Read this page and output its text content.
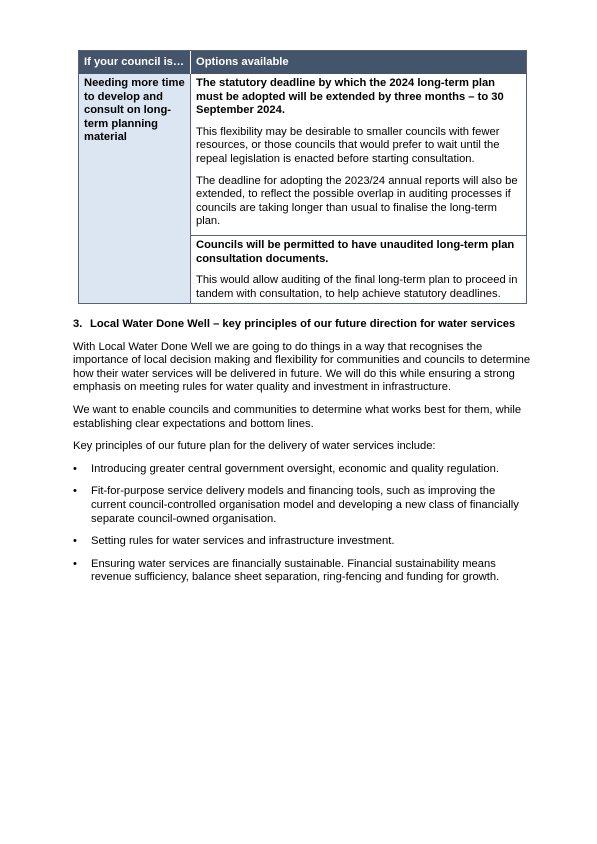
If your council is…	Options available
Needing more time to develop and consult on long-term planning material	The statutory deadline by which the 2024 long-term plan must be adopted will be extended by three months – to 30 September 2024.

This flexibility may be desirable to smaller councils with fewer resources, or those councils that would prefer to wait until the repeal legislation is enacted before starting consultation.

The deadline for adopting the 2023/24 annual reports will also be extended, to reflect the possible overlap in auditing processes if councils are taking longer than usual to finalise the long-term plan.

	Councils will be permitted to have unaudited long-term plan consultation documents.

This would allow auditing of the final long-term plan to proceed in tandem with consultation, to help achieve statutory deadlines.

3. Local Water Done Well – key principles of our future direction for water services

With Local Water Done Well we are going to do things in a way that recognises the importance of local decision making and flexibility for communities and councils to determine how their water services will be delivered in future. We will do this while ensuring a strong emphasis on meeting rules for water quality and investment in infrastructure.

We want to enable councils and communities to determine what works best for them, while establishing clear expectations and bottom lines.

Key principles of our future plan for the delivery of water services include:

• Introducing greater central government oversight, economic and quality regulation.
• Fit-for-purpose service delivery models and financing tools, such as improving the current council-controlled organisation model and developing a new class of financially separate council-owned organisation.
• Setting rules for water services and infrastructure investment.
• Ensuring water services are financially sustainable. Financial sustainability means revenue sufficiency, balance sheet separation, ring-fencing and funding for growth.
